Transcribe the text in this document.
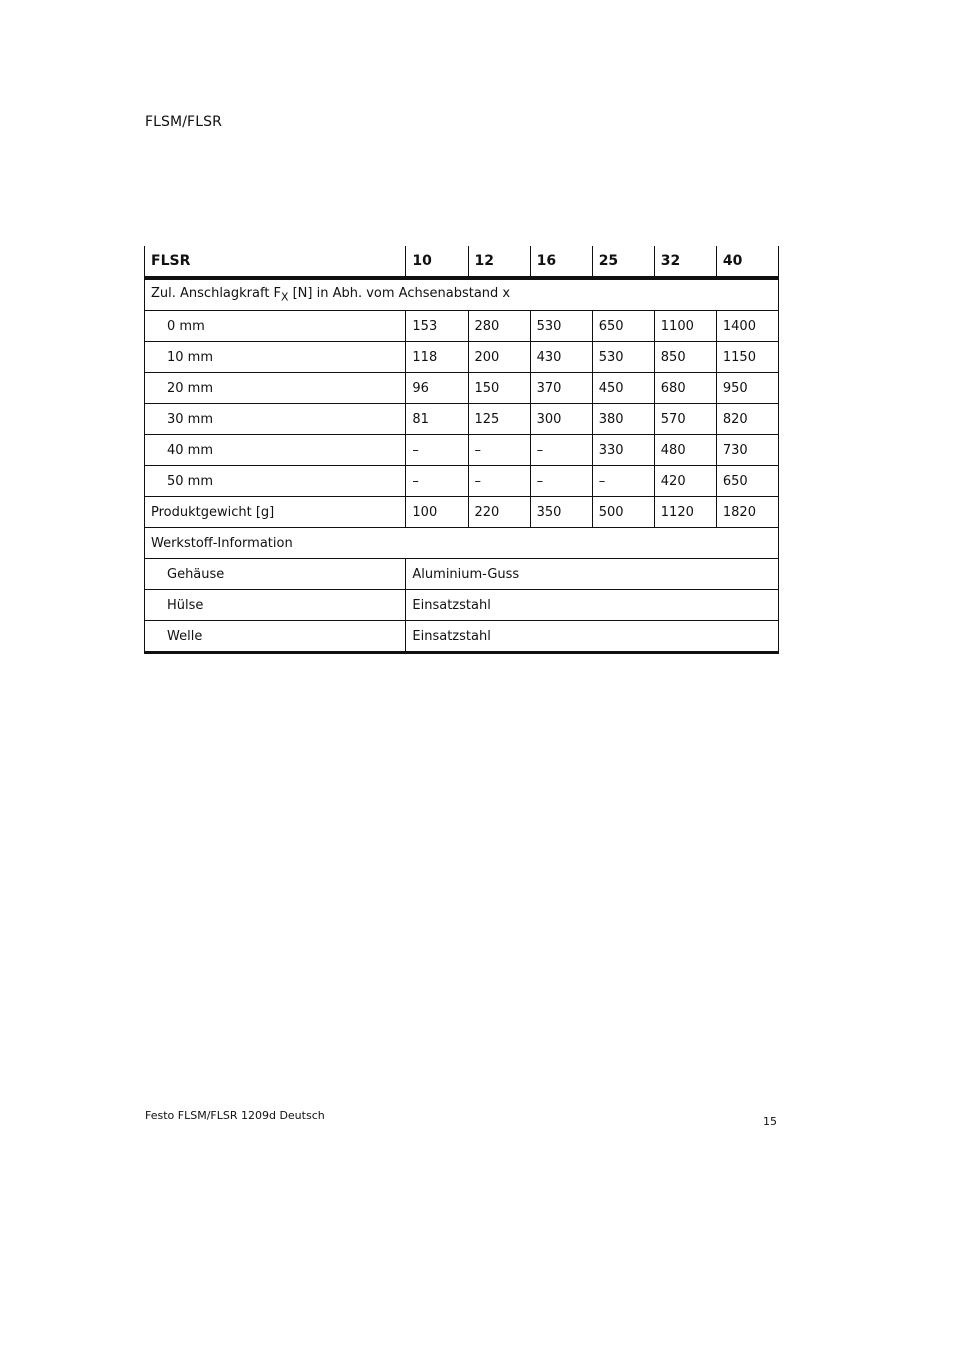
FLSM/FLSR
FLSR	10	12	16	25	32	40
Zul. Anschlagkraft $F_X$ [N] in Abh. vom Achsenabstand x						
0 mm	153	280	530	650	1100	1400
10 mm	118	200	430	530	850	1150
20 mm	96	150	370	450	680	950
30 mm	81	125	300	380	570	820
40 mm	–	–	–	330	480	730
50 mm	–	–	–	–	420	650
Produktgewicht [g]	100	220	350	500	1120	1820
Werkstoff-Information						
Gehäuse	Aluminium-Guss					
Hülse	Einsatzstahl					
Welle	Einsatzstahl					
Festo FLSM/FLSR 1209d Deutsch	15
